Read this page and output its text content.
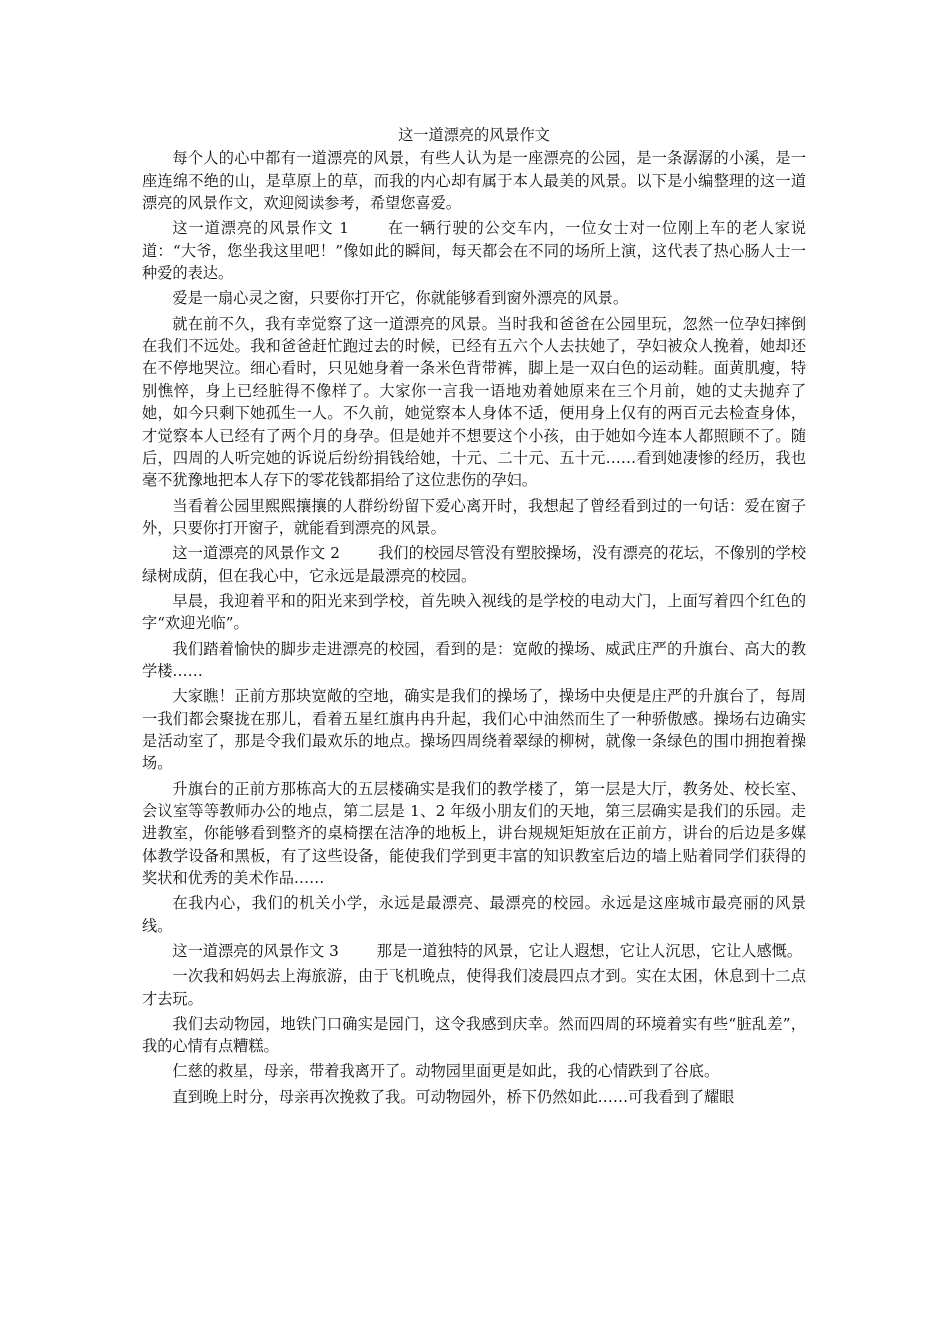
这一道漂亮的风景作文

每个人的心中都有一道漂亮的风景，有些人认为是一座漂亮的公园，是一条潺潺的小溪，是一座连绵不绝的山，是草原上的草，而我的内心却有属于本人最美的风景。以下是小编整理的这一道漂亮的风景作文，欢迎阅读参考，希望您喜爱。

这一道漂亮的风景作文 1	在一辆行驶的公交车内，一位女士对一位刚上车的老人家说道：“大爷，您坐我这里吧！”像如此的瞬间，每天都会在不同的场所上演，这代表了热心肠人士一种爱的表达。

爱是一扇心灵之窗，只要你打开它，你就能够看到窗外漂亮的风景。

就在前不久，我有幸觉察了这一道漂亮的风景。当时我和爸爸在公园里玩，忽然一位孕妇摔倒在我们不远处。我和爸爸赶忙跑过去的时候，已经有五六个人去扶她了，孕妇被众人挽着，她却还在不停地哭泣。细心看时，只见她身着一条米色背带裤，脚上是一双白色的运动鞋。面黄肌瘦，特别憔悴，身上已经脏得不像样了。大家你一言我一语地劝着她原来在三个月前，她的丈夫抛弃了她，如今只剩下她孤生一人。不久前，她觉察本人身体不适，便用身上仅有的两百元去检查身体，才觉察本人已经有了两个月的身孕。但是她并不想要这个小孩，由于她如今连本人都照顾不了。随后，四周的人听完她的诉说后纷纷捐钱给她，十元、二十元、五十元……看到她凄惨的经历，我也毫不犹豫地把本人存下的零花钱都捐给了这位悲伤的孕妇。

当看着公园里熙熙攘攘的人群纷纷留下爱心离开时，我想起了曾经看到过的一句话：爱在窗子外，只要你打开窗子，就能看到漂亮的风景。

这一道漂亮的风景作文 2	我们的校园尽管没有塑胶操场，没有漂亮的花坛，不像别的学校绿树成荫，但在我心中，它永远是最漂亮的校园。

早晨，我迎着平和的阳光来到学校，首先映入视线的是学校的电动大门，上面写着四个红色的字“欢迎光临”。

我们踏着愉快的脚步走进漂亮的校园，看到的是：宽敞的操场、威武庄严的升旗台、高大的教学楼……

大家瞧！正前方那块宽敞的空地，确实是我们的操场了，操场中央便是庄严的升旗台了，每周一我们都会聚拢在那儿，看着五星红旗冉冉升起，我们心中油然而生了一种骄傲感。操场右边确实是活动室了，那是令我们最欢乐的地点。操场四周绕着翠绿的柳树，就像一条绿色的围巾拥抱着操场。

升旗台的正前方那栋高大的五层楼确实是我们的教学楼了，第一层是大厅，教务处、校长室、会议室等等教师办公的地点，第二层是 1、2 年级小朋友们的天地，第三层确实是我们的乐园。走进教室，你能够看到整齐的桌椅摆在洁净的地板上，讲台规规矩矩放在正前方，讲台的后边是多媒体教学设备和黑板，有了这些设备，能使我们学到更丰富的知识教室后边的墙上贴着同学们获得的奖状和优秀的美术作品……

在我内心，我们的机关小学，永远是最漂亮、最漂亮的校园。永远是这座城市最亮丽的风景线。

这一道漂亮的风景作文 3	那是一道独特的风景，它让人遐想，它让人沉思，它让人感慨。

一次我和妈妈去上海旅游，由于飞机晚点，使得我们凌晨四点才到。实在太困，休息到十二点才去玩。

我们去动物园，地铁门口确实是园门，这令我感到庆幸。然而四周的环境着实有些“脏乱差”，我的心情有点糟糕。

仁慈的救星，母亲，带着我离开了。动物园里面更是如此，我的心情跌到了谷底。

直到晚上时分，母亲再次挽救了我。可动物园外，桥下仍然如此……可我看到了耀眼
